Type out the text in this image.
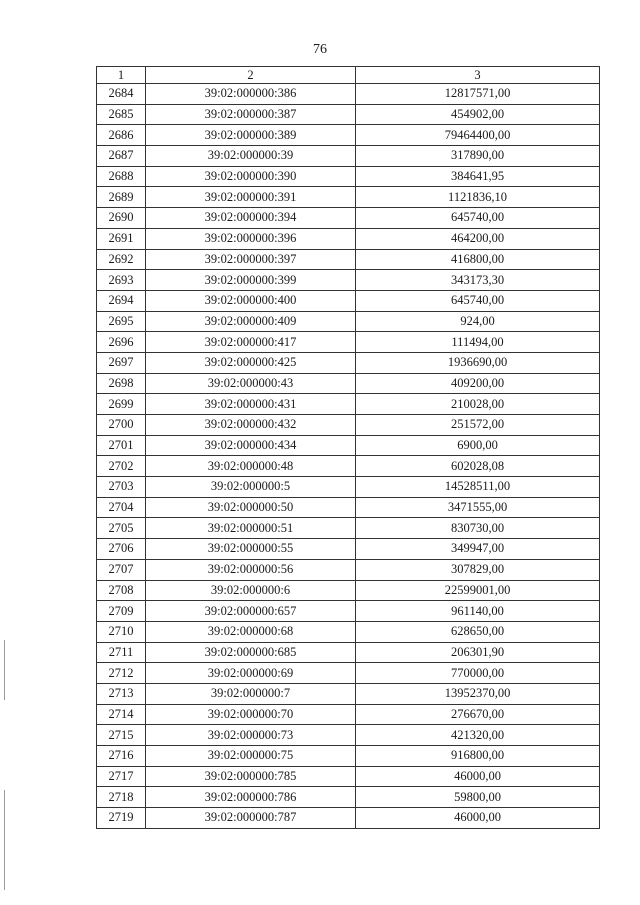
76
1	2	3
2684	39:02:000000:386	12817571,00
2685	39:02:000000:387	454902,00
2686	39:02:000000:389	79464400,00
2687	39:02:000000:39	317890,00
2688	39:02:000000:390	384641,95
2689	39:02:000000:391	1121836,10
2690	39:02:000000:394	645740,00
2691	39:02:000000:396	464200,00
2692	39:02:000000:397	416800,00
2693	39:02:000000:399	343173,30
2694	39:02:000000:400	645740,00
2695	39:02:000000:409	924,00
2696	39:02:000000:417	111494,00
2697	39:02:000000:425	1936690,00
2698	39:02:000000:43	409200,00
2699	39:02:000000:431	210028,00
2700	39:02:000000:432	251572,00
2701	39:02:000000:434	6900,00
2702	39:02:000000:48	602028,08
2703	39:02:000000:5	14528511,00
2704	39:02:000000:50	3471555,00
2705	39:02:000000:51	830730,00
2706	39:02:000000:55	349947,00
2707	39:02:000000:56	307829,00
2708	39:02:000000:6	22599001,00
2709	39:02:000000:657	961140,00
2710	39:02:000000:68	628650,00
2711	39:02:000000:685	206301,90
2712	39:02:000000:69	770000,00
2713	39:02:000000:7	13952370,00
2714	39:02:000000:70	276670,00
2715	39:02:000000:73	421320,00
2716	39:02:000000:75	916800,00
2717	39:02:000000:785	46000,00
2718	39:02:000000:786	59800,00
2719	39:02:000000:787	46000,00
